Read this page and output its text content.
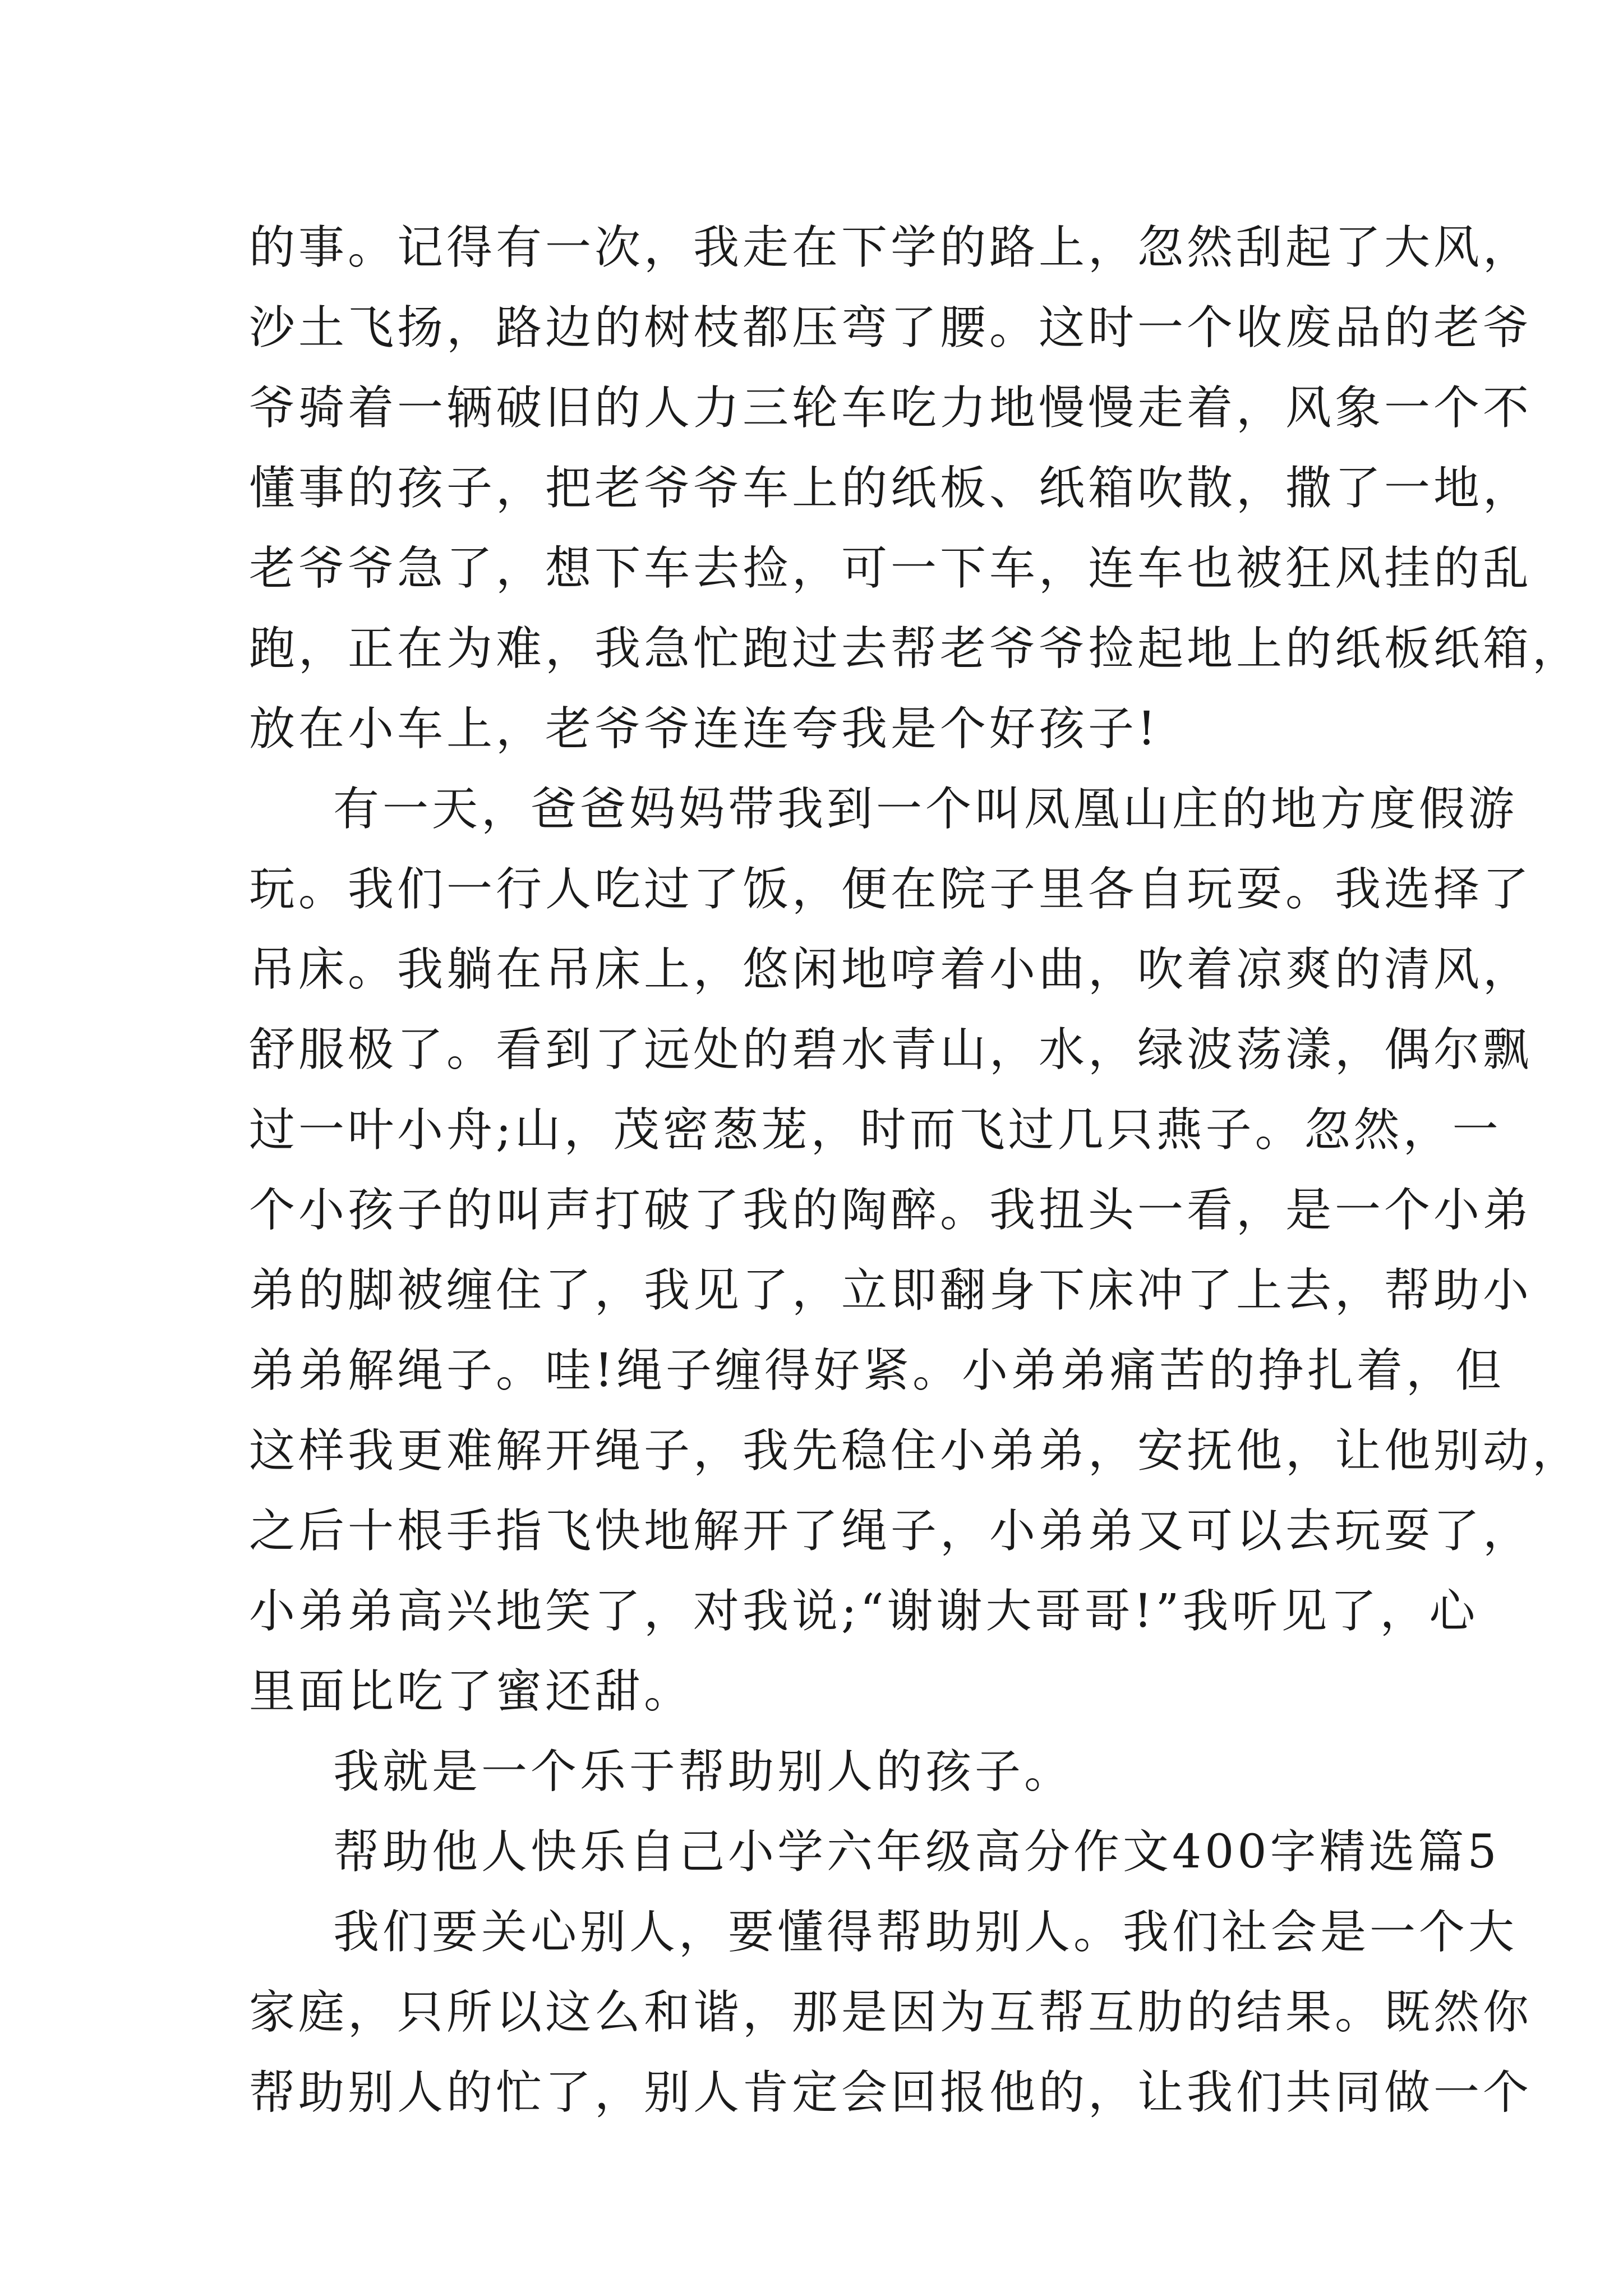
的事。记得有一次，我走在下学的路上，忽然刮起了大风，
沙土飞扬，路边的树枝都压弯了腰。这时一个收废品的老爷
爷骑着一辆破旧的人力三轮车吃力地慢慢走着，风象一个不
懂事的孩子，把老爷爷车上的纸板、纸箱吹散，撒了一地，
老爷爷急了，想下车去捡，可一下车，连车也被狂风挂的乱
跑，正在为难，我急忙跑过去帮老爷爷捡起地上的纸板纸箱，
放在小车上，老爷爷连连夸我是个好孩子!
有一天，爸爸妈妈带我到一个叫凤凰山庄的地方度假游
玩。我们一行人吃过了饭，便在院子里各自玩耍。我选择了
吊床。我躺在吊床上，悠闲地哼着小曲，吹着凉爽的清风，
舒服极了。看到了远处的碧水青山，水，绿波荡漾，偶尔飘
过一叶小舟;山，茂密葱茏，时而飞过几只燕子。忽然，一
个小孩子的叫声打破了我的陶醉。我扭头一看，是一个小弟
弟的脚被缠住了，我见了，立即翻身下床冲了上去，帮助小
弟弟解绳子。哇!绳子缠得好紧。小弟弟痛苦的挣扎着，但
这样我更难解开绳子，我先稳住小弟弟，安抚他，让他别动，
之后十根手指飞快地解开了绳子，小弟弟又可以去玩耍了，
小弟弟高兴地笑了，对我说;“谢谢大哥哥!”我听见了，心
里面比吃了蜜还甜。
我就是一个乐于帮助别人的孩子。
帮助他人快乐自己小学六年级高分作文400字精选篇5
我们要关心别人，要懂得帮助别人。我们社会是一个大
家庭，只所以这么和谐，那是因为互帮互肋的结果。既然你
帮助别人的忙了，别人肯定会回报他的，让我们共同做一个
